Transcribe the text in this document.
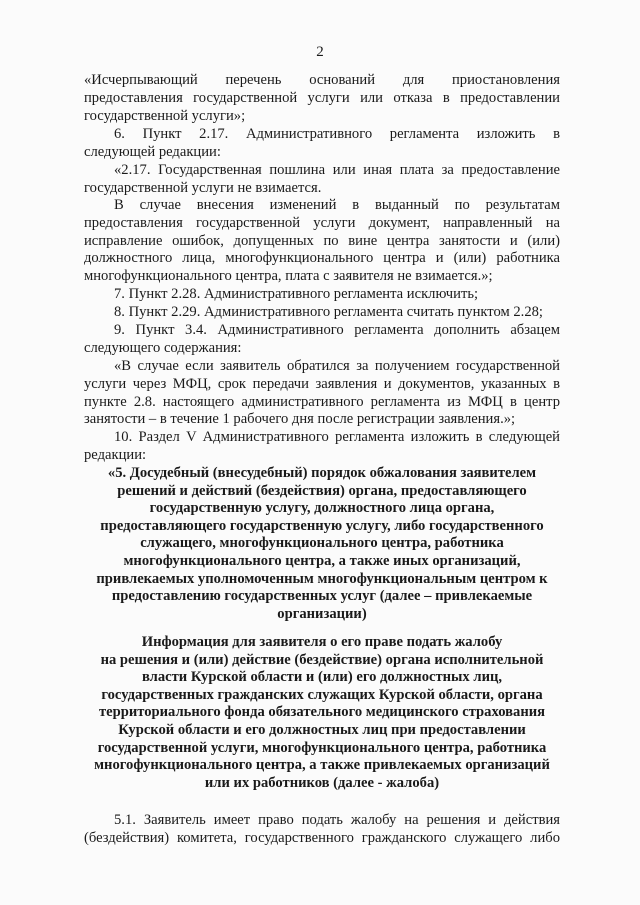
2
«Исчерпывающий перечень оснований для приостановления
предоставления государственной услуги или отказа в предоставлении
государственной услуги»;
6. Пункт 2.17. Административного регламента изложить в
следующей редакции:
«2.17. Государственная пошлина или иная плата за предоставление
государственной услуги не взимается.
В случае внесения изменений в выданный по результатам
предоставления государственной услуги документ, направленный на
исправление ошибок, допущенных по вине центра занятости и (или)
должностного лица, многофункционального центра и (или) работника
многофункционального центра, плата с заявителя не взимается.»;
7. Пункт 2.28. Административного регламента исключить;
8. Пункт 2.29. Административного регламента считать пунктом 2.28;
9. Пункт 3.4. Административного регламента дополнить абзацем
следующего содержания:
«В случае если заявитель обратился за получением государственной
услуги через МФЦ, срок передачи заявления и документов, указанных в
пункте 2.8. настоящего административного регламента из МФЦ в центр
занятости – в течение 1 рабочего дня после регистрации заявления.»;
10. Раздел V Административного регламента изложить в следующей
редакции:
«5. Досудебный (внесудебный) порядок обжалования заявителем
решений и действий (бездействия) органа, предоставляющего
государственную услугу, должностного лица органа,
предоставляющего государственную услугу, либо государственного
служащего, многофункционального центра, работника
многофункционального центра, а также иных организаций,
привлекаемых уполномоченным многофункциональным центром к
предоставлению государственных услуг (далее – привлекаемые
организации)
Информация для заявителя о его праве подать жалобу
на решения и (или) действие (бездействие) органа исполнительной
власти Курской области и (или) его должностных лиц,
государственных гражданских служащих Курской области, органа
территориального фонда обязательного медицинского страхования
Курской области и его должностных лиц при предоставлении
государственной услуги, многофункционального центра, работника
многофункционального центра, а также привлекаемых организаций
или их работников (далее - жалоба)
5.1. Заявитель имеет право подать жалобу на решения и действия
(бездействия) комитета, государственного гражданского служащего либо
